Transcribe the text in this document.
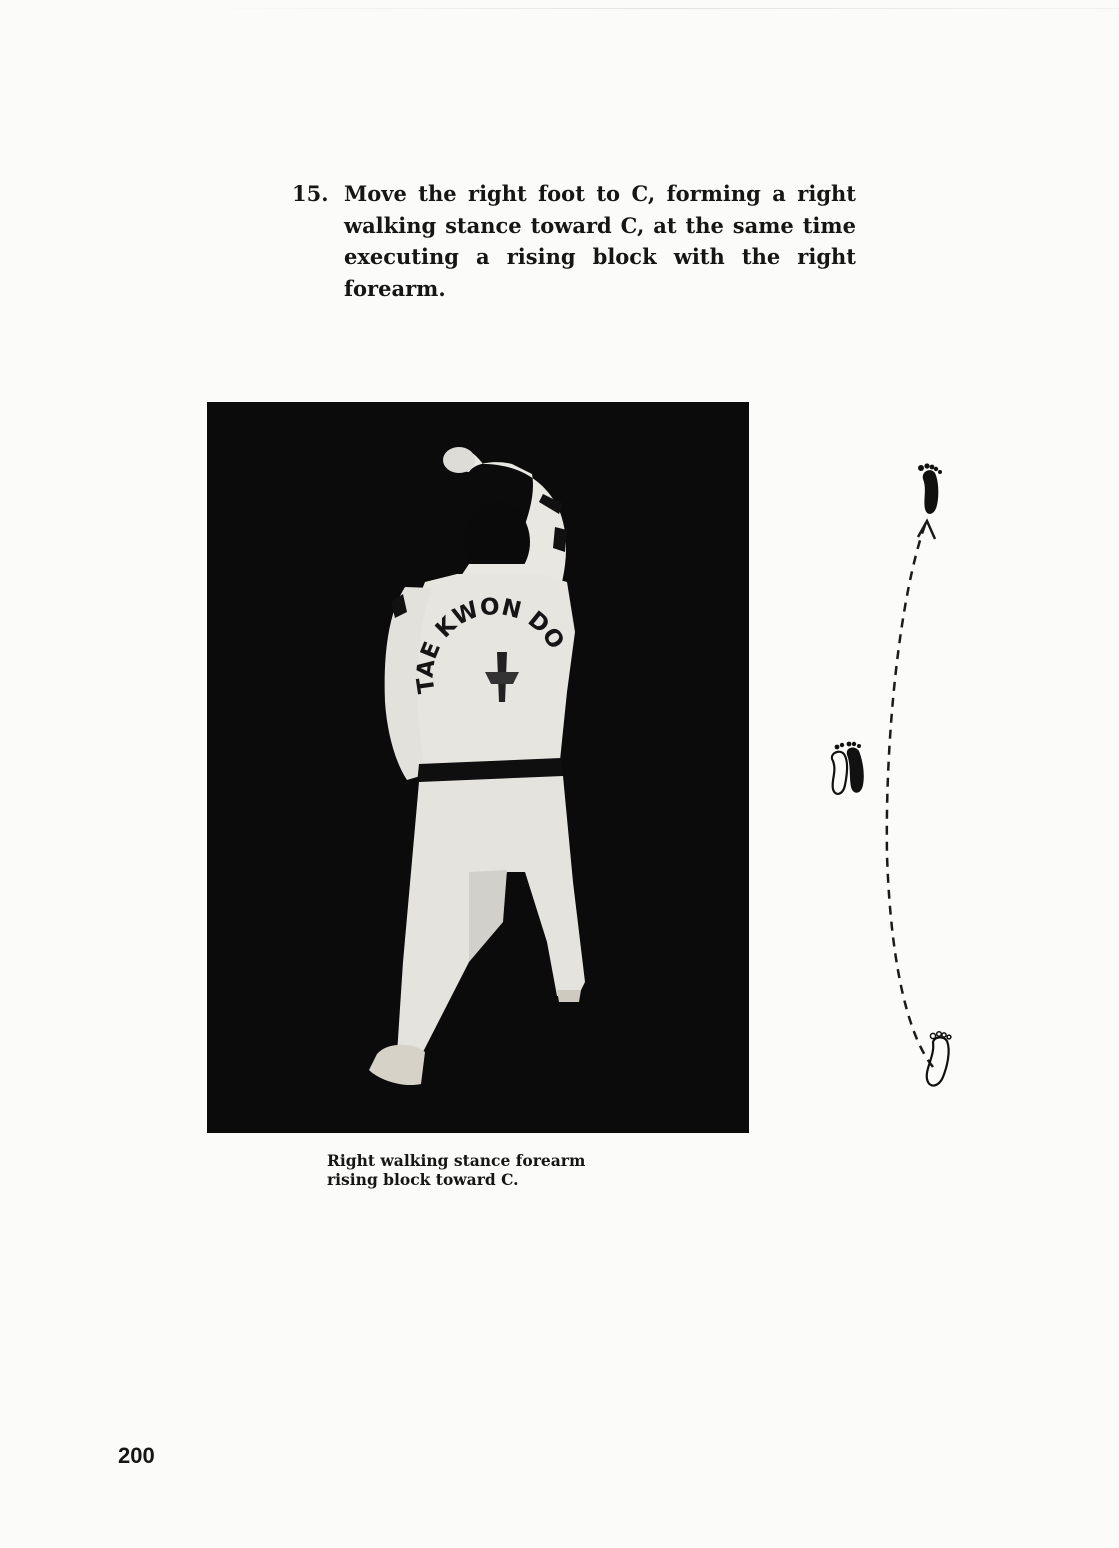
15. Move the right foot to C, forming a right walking stance toward C, at the same time executing a rising block with the right forearm.
TAE KWON DO
Right walking stance forearm
rising block toward C.
200
